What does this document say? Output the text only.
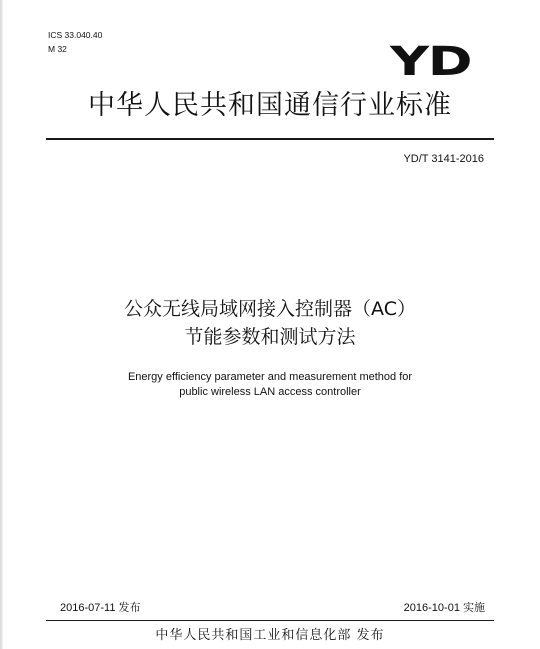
ICS 33.040.40
M 32	YD
中华人民共和国通信行业标准
YD/T 3141-2016
公众无线局域网接入控制器（AC）
节能参数和测试方法
Energy efficiency parameter and measurement method for
public wireless LAN access controller
2016-07-11 发布	2016-10-01 实施
中华人民共和国工业和信息化部 发布
